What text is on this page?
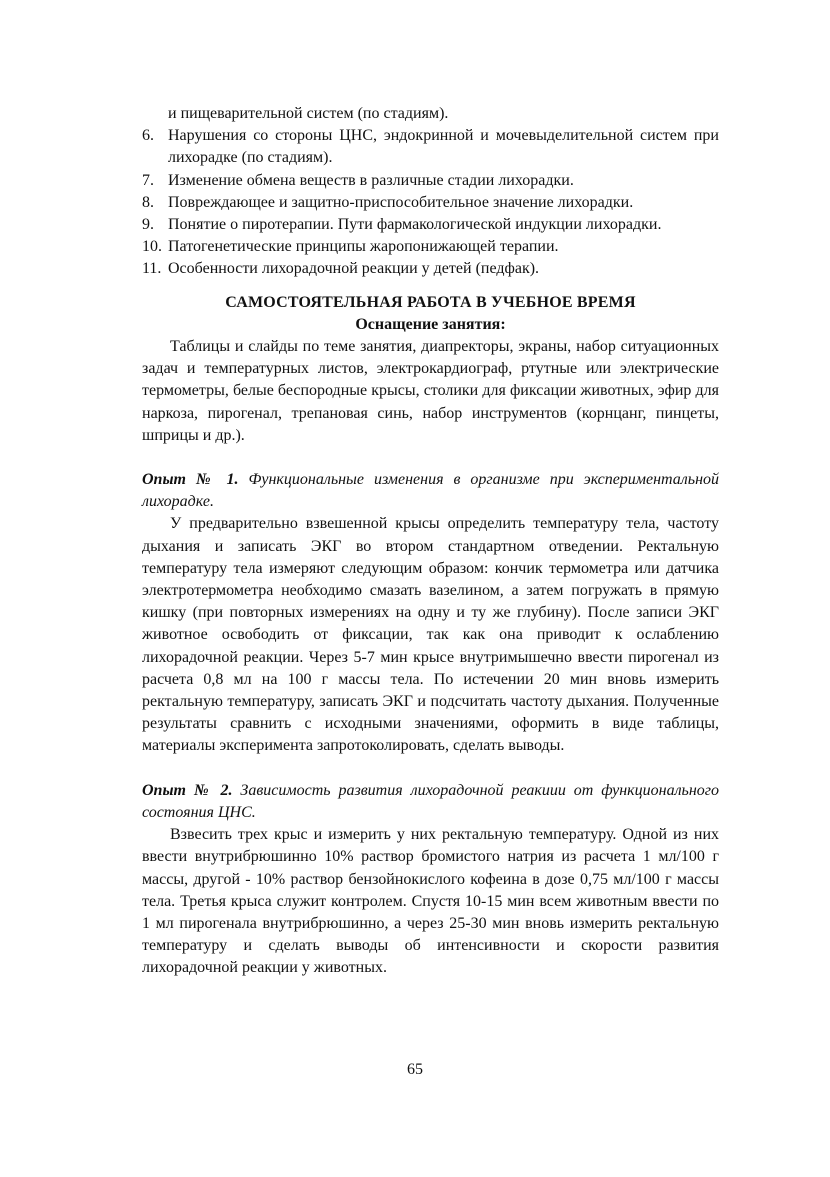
и пищеварительной систем (по стадиям).
6. Нарушения со стороны ЦНС, эндокринной и мочевыделительной систем при лихорадке (по стадиям).
7. Изменение обмена веществ в различные стадии лихорадки.
8. Повреждающее и защитно-приспособительное значение лихорадки.
9. Понятие о пиротерапии. Пути фармакологической индукции лихорадки.
10. Патогенетические принципы жаропонижающей терапии.
11. Особенности лихорадочной реакции у детей (педфак).
САМОСТОЯТЕЛЬНАЯ РАБОТА В УЧЕБНОЕ ВРЕМЯ
Оснащение занятия:

Таблицы и слайды по теме занятия, диапректоры, экраны, набор ситуационных задач и температурных листов, электрокардиограф, ртутные или электрические термометры, белые беспородные крысы, столики для фиксации животных, эфир для наркоза, пирогенал, трепановая синь, набор инструментов (корнцанг, пинцеты, шприцы и др.).

Опыт № 1. Функциональные изменения в организме при экспериментальной лихорадке.

У предварительно взвешенной крысы определить температуру тела, частоту дыхания и записать ЭКГ во втором стандартном отведении. Ректальную температуру тела измеряют следующим образом: кончик термометра или датчика электротермометра необходимо смазать вазелином, а затем погружать в прямую кишку (при повторных измерениях на одну и ту же глубину). После записи ЭКГ животное освободить от фиксации, так как она приводит к ослаблению лихорадочной реакции. Через 5-7 мин крысе внутримышечно ввести пирогенал из расчета 0,8 мл на 100 г массы тела. По истечении 20 мин вновь измерить ректальную температуру, записать ЭКГ и подсчитать частоту дыхания. Полученные результаты сравнить с исходными значениями, оформить в виде таблицы, материалы эксперимента запротоколировать, сделать выводы.

Опыт № 2. Зависимость развития лихорадочной реакиии от функционального состояния ЦНС.

Взвесить трех крыс и измерить у них ректальную температуру. Одной из них ввести внутрибрюшинно 10% раствор бромистого натрия из расчета 1 мл/100 г массы, другой - 10% раствор бензойнокислого кофеина в дозе 0,75 мл/100 г массы тела. Третья крыса служит контролем. Спустя 10-15 мин всем животным ввести по 1 мл пирогенала внутрибрюшинно, а через 25-30 мин вновь измерить ректальную температуру и сделать выводы об интенсивности и скорости развития лихорадочной реакции у животных.

65
